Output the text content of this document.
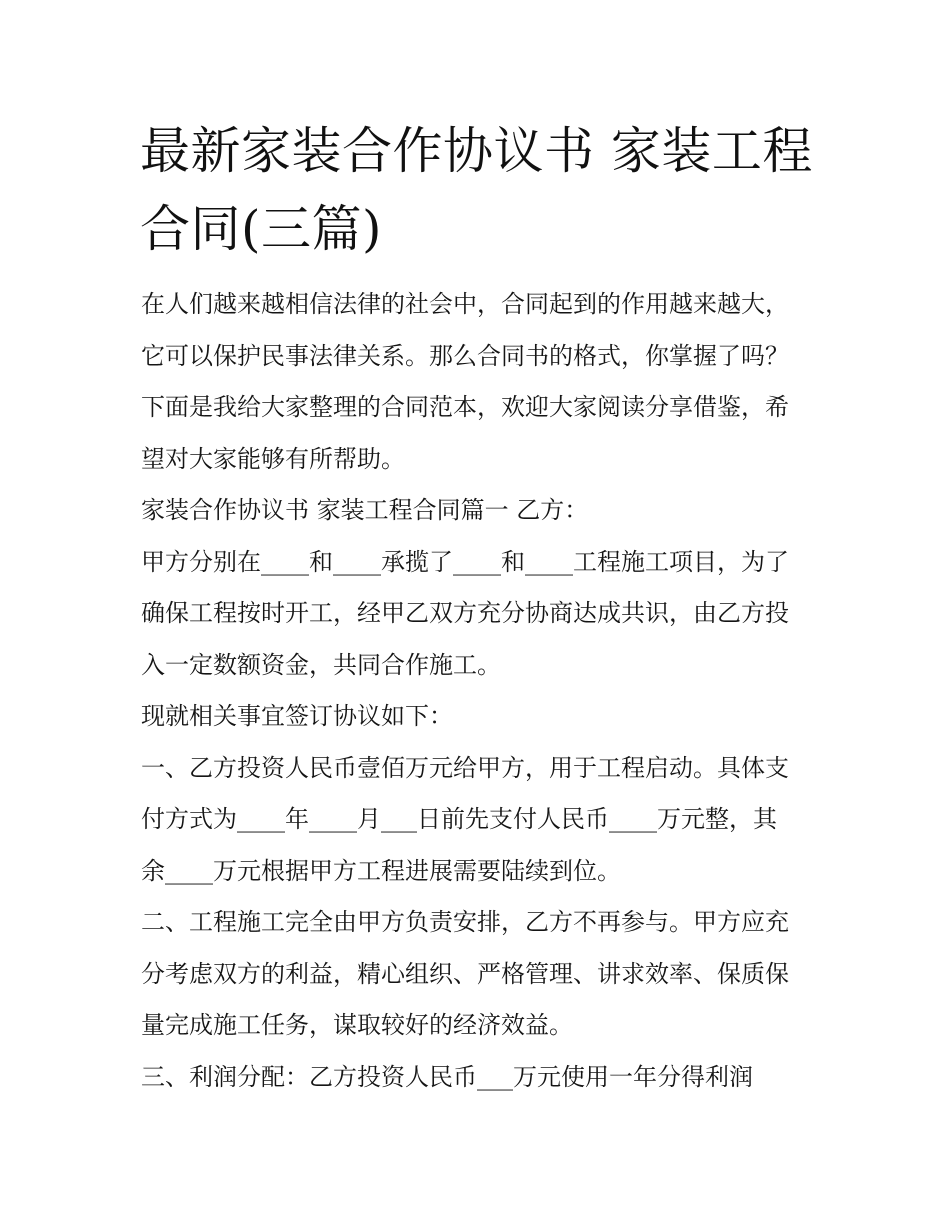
最新家装合作协议书 家装工程
合同(三篇)

在人们越来越相信法律的社会中，合同起到的作用越来越大，
它可以保护民事法律关系。那么合同书的格式，你掌握了吗？
下面是我给大家整理的合同范本，欢迎大家阅读分享借鉴，希
望对大家能够有所帮助。

家装合作协议书 家装工程合同篇一 乙方：

甲方分别在____和____承揽了____和____工程施工项目，为了
确保工程按时开工，经甲乙双方充分协商达成共识，由乙方投
入一定数额资金，共同合作施工。

现就相关事宜签订协议如下：

一、乙方投资人民币壹佰万元给甲方，用于工程启动。具体支
付方式为____年____月___日前先支付人民币____万元整，其
余____万元根据甲方工程进展需要陆续到位。

二、工程施工完全由甲方负责安排，乙方不再参与。甲方应充
分考虑双方的利益，精心组织、严格管理、讲求效率、保质保
量完成施工任务，谋取较好的经济效益。

三、利润分配：乙方投资人民币___万元使用一年分得利润
